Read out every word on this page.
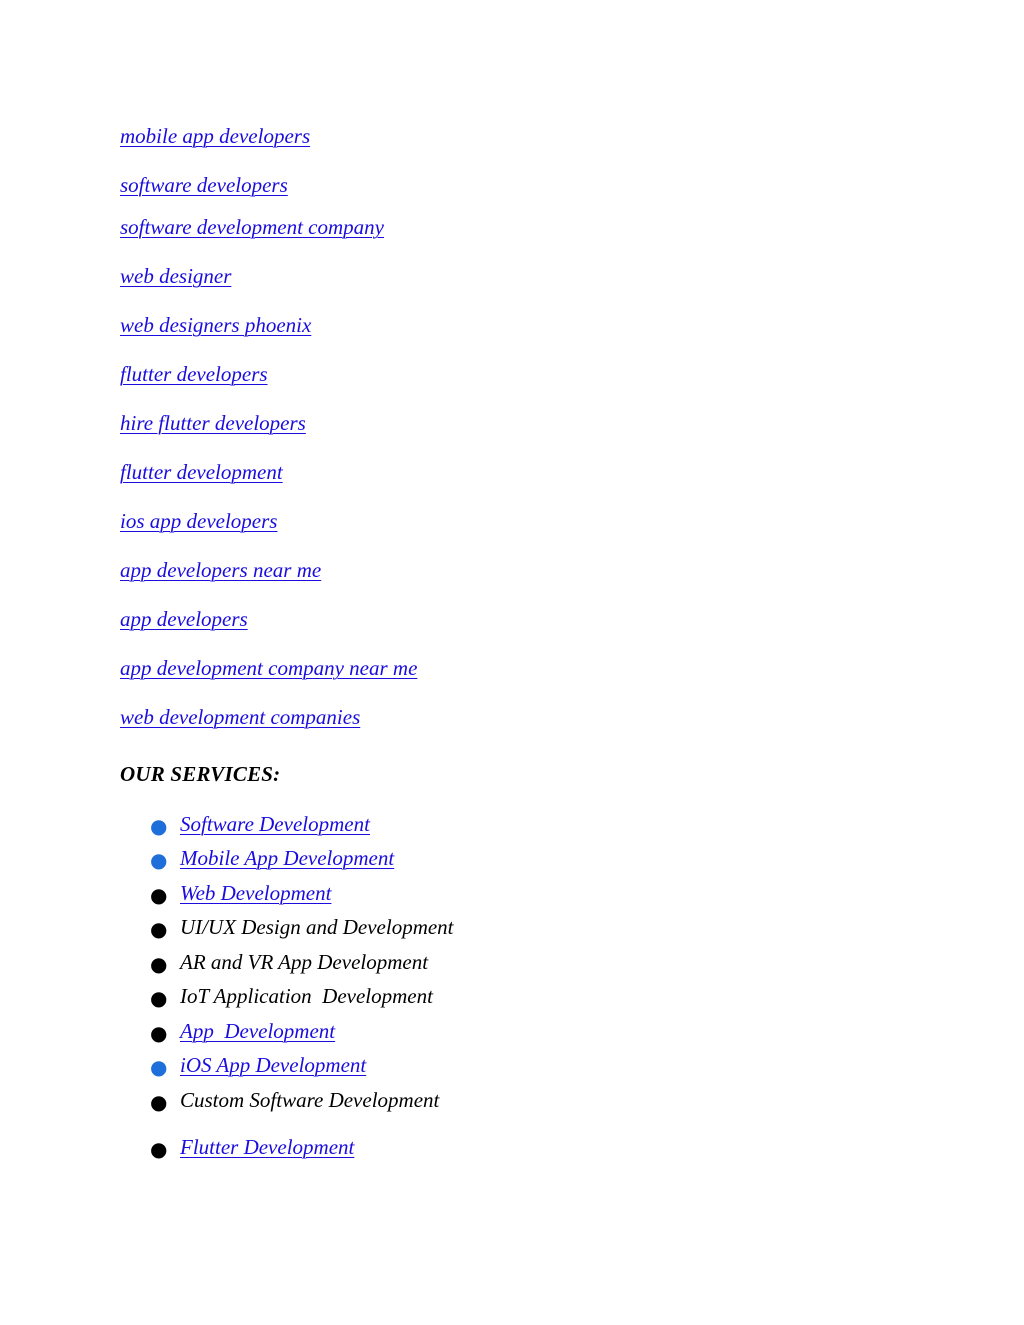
mobile app developers
software developers
software development company
web designer
web designers phoenix
flutter developers
hire flutter developers
flutter development
ios app developers
app developers near me
app developers
app development company near me
web development companies
OUR SERVICES:
● Software Development
● Mobile App Development
● Web Development
● UI/UX Design and Development
● AR and VR App Development
● IoT Application  Development
● App  Development
● iOS App Development
● Custom Software Development
● Flutter Development
